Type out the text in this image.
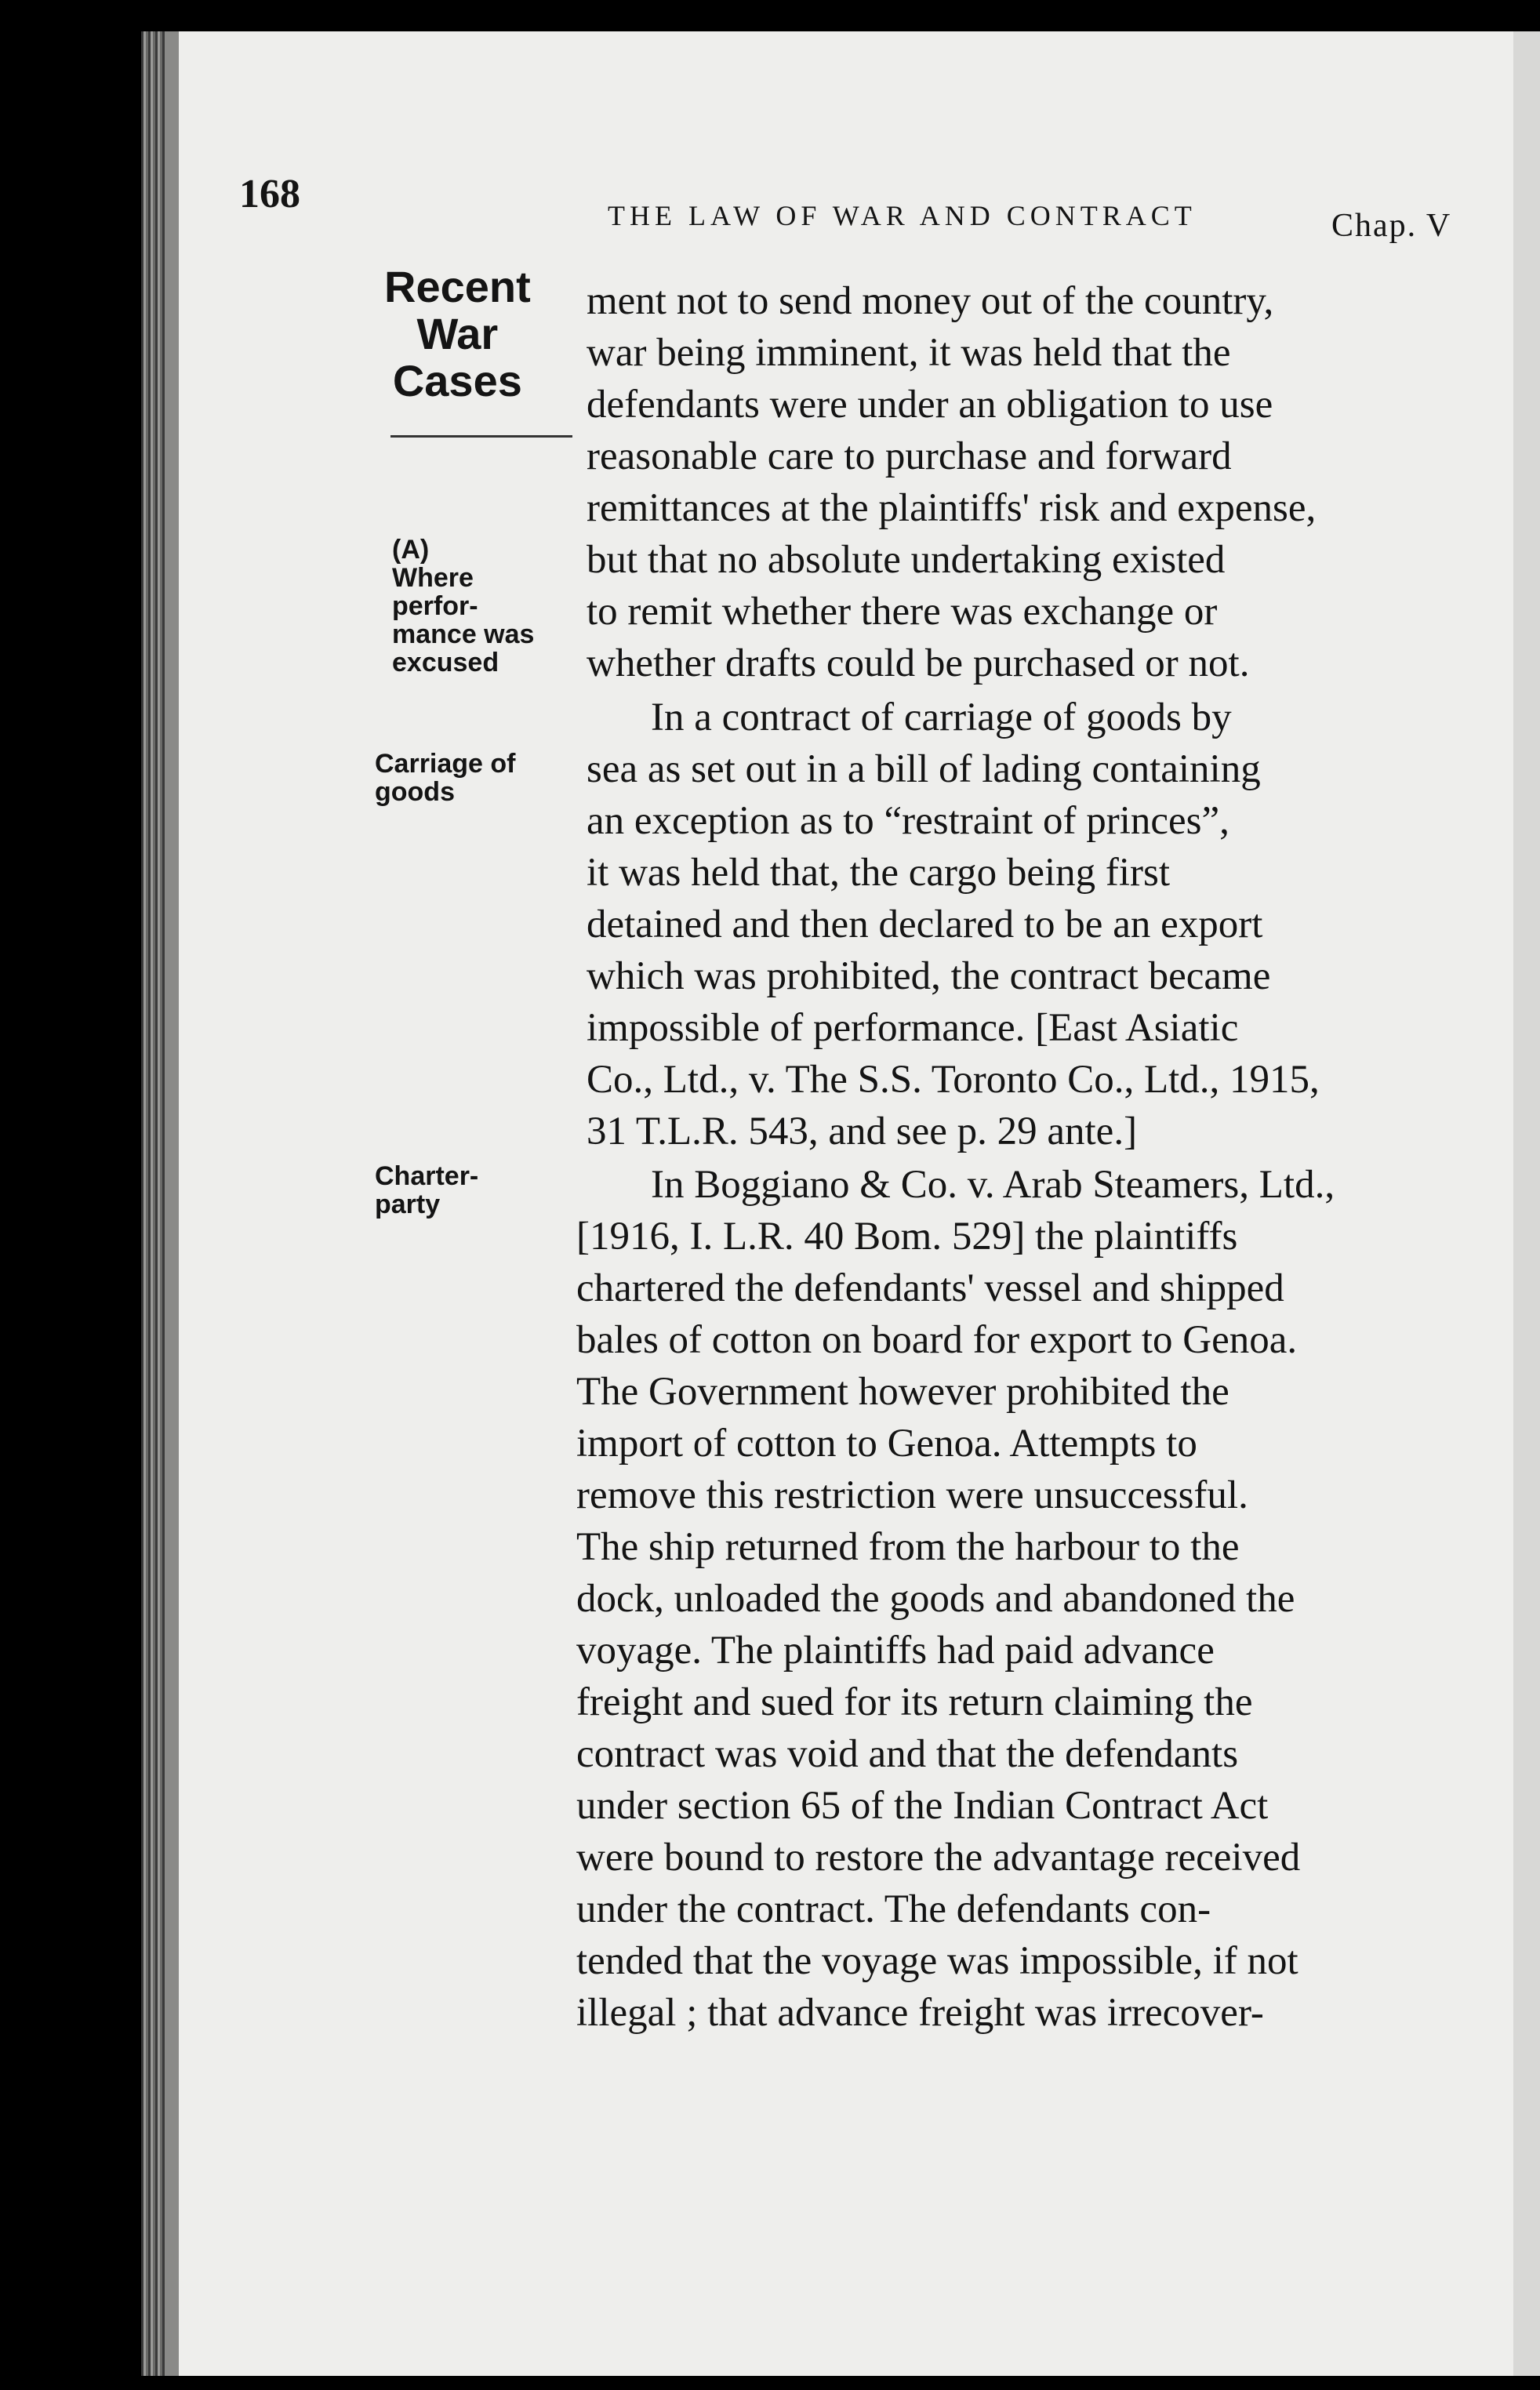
168	THE LAW OF WAR AND CONTRACT	Chap. V
Recent
War
Cases
(A)
Where
perfor-
mance was
excused
Carriage of
goods
Charter-
party
ment not to send money out of the country,
war being imminent, it was held that the
defendants were under an obligation to use
reasonable care to purchase and forward
remittances at the plaintiffs' risk and expense,
but that no absolute undertaking existed
to remit whether there was exchange or
whether drafts could be purchased or not.
In a contract of carriage of goods by
sea as set out in a bill of lading containing
an exception as to “restraint of princes”,
it was held that, the cargo being first
detained and then declared to be an export
which was prohibited, the contract became
impossible of performance. [East Asiatic
Co., Ltd., v. The S.S. Toronto Co., Ltd., 1915,
31 T.L.R. 543, and see p. 29 ante.]
In Boggiano & Co. v. Arab Steamers, Ltd.,
[1916, I. L.R. 40 Bom. 529] the plaintiffs
chartered the defendants' vessel and shipped
bales of cotton on board for export to Genoa.
The Government however prohibited the
import of cotton to Genoa. Attempts to
remove this restriction were unsuccessful.
The ship returned from the harbour to the
dock, unloaded the goods and abandoned the
voyage. The plaintiffs had paid advance
freight and sued for its return claiming the
contract was void and that the defendants
under section 65 of the Indian Contract Act
were bound to restore the advantage received
under the contract. The defendants con-
tended that the voyage was impossible, if not
illegal ; that advance freight was irrecover-
